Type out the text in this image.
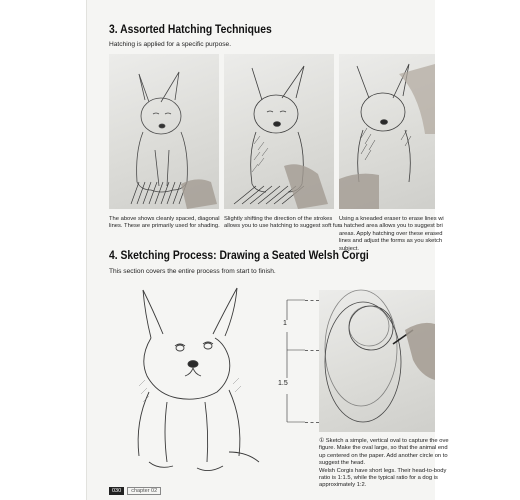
3. Assorted Hatching Techniques

Hatching is applied for a specific purpose.

The above shows cleanly spaced, diagonal
lines. These are primarily used for shading.

Slightly shifting the direction of the strokes
allows you to use hatching to suggest soft fur.

Using a kneaded eraser to erase lines wi
a hatched area allows you to suggest bri
areas. Apply hatching over these erased
lines and adjust the forms as you sketch
subject.

4. Sketching Process: Drawing a Seated Welsh Corgi

This section covers the entire process from start to finish.

1
1.5

① Sketch a simple, vertical oval to capture the ove
figure. Make the oval large, so that the animal end
up centered on the paper. Add another circle on to
suggest the head.
Welsh Corgis have short legs. Their head-to-body
ratio is 1:1.5, while the typical ratio for a dog is
approximately 1:2.

030	chapter 02
